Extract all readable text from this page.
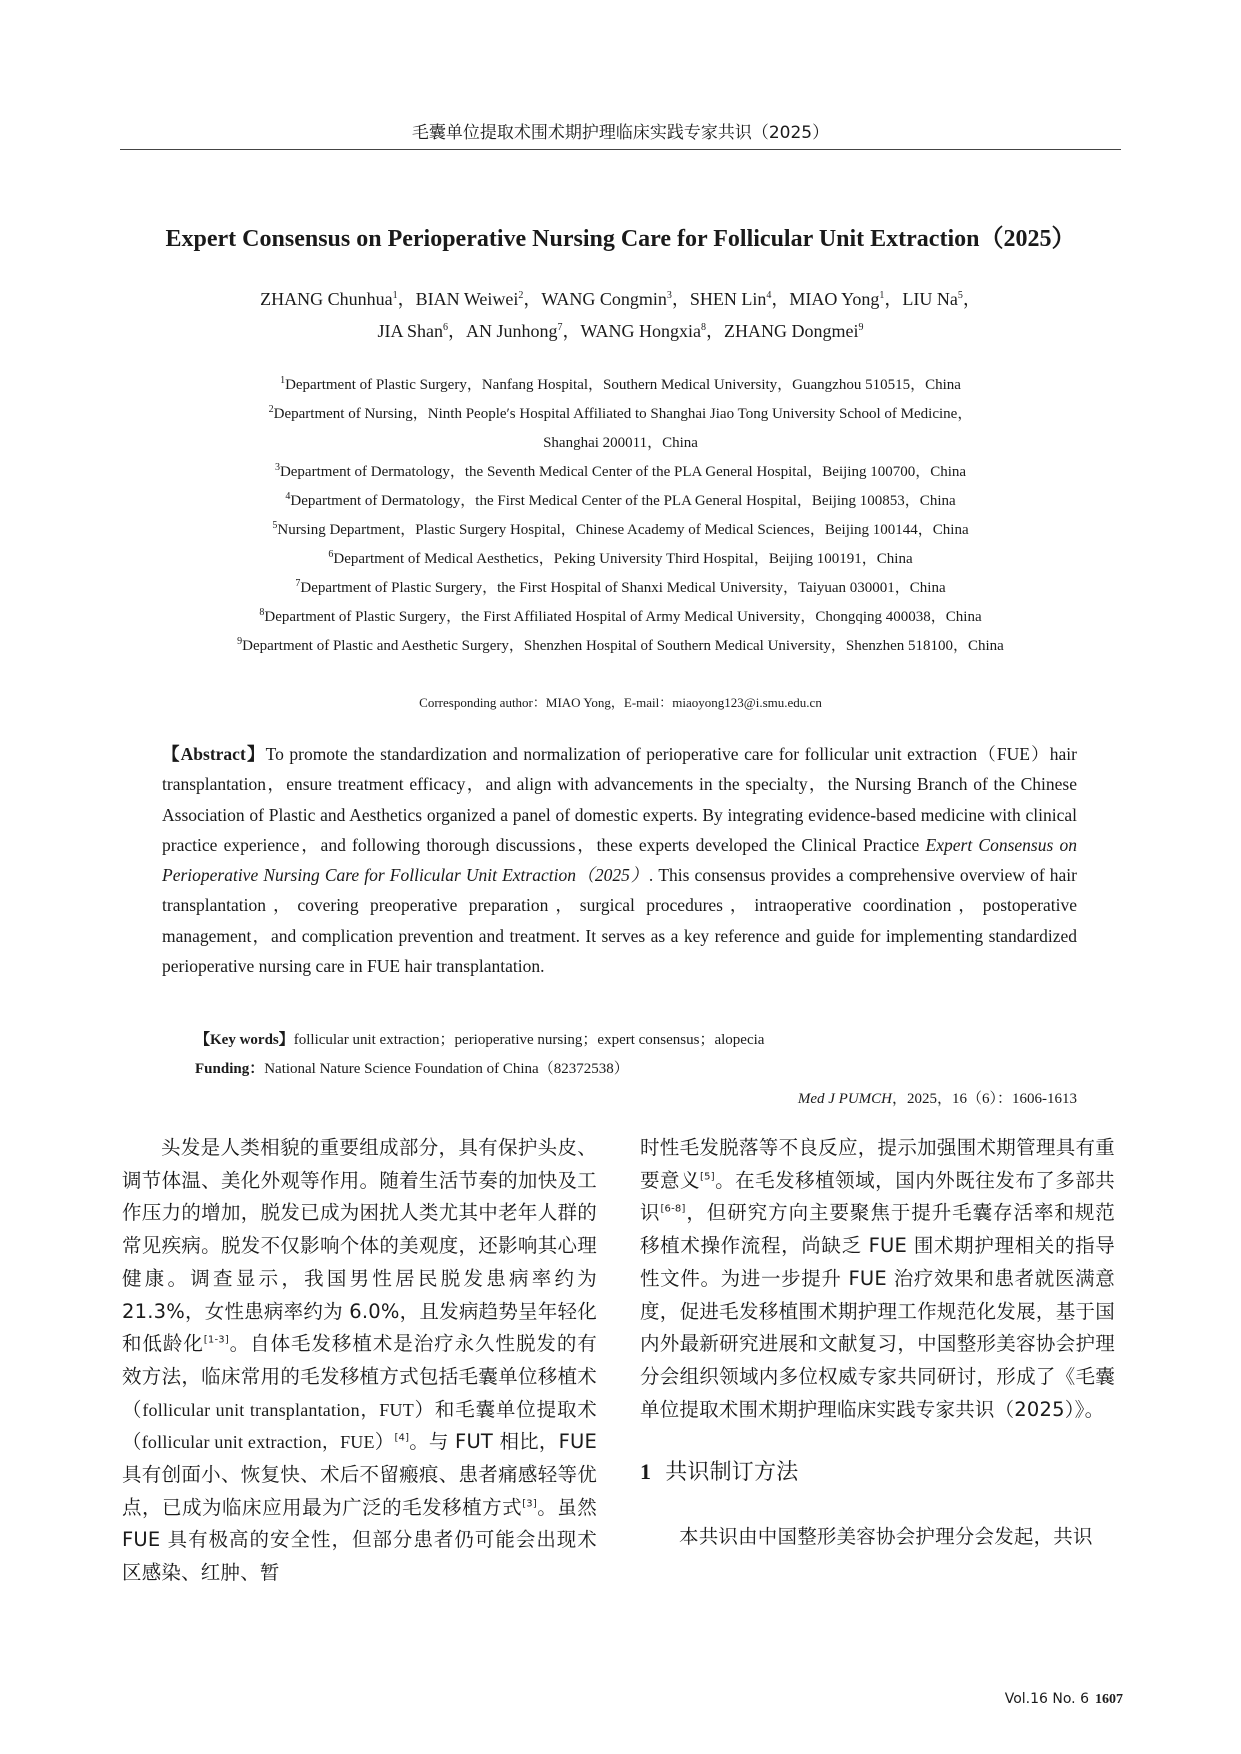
毛囊单位提取术围术期护理临床实践专家共识（2025）
Expert Consensus on Perioperative Nursing Care for Follicular Unit Extraction（2025）
ZHANG Chunhua$^1$，BIAN Weiwei$^2$，WANG Congmin$^3$，SHEN Lin$^4$，MIAO Yong$^1$，LIU Na$^5$，
JIA Shan$^6$，AN Junhong$^7$，WANG Hongxia$^8$，ZHANG Dongmei$^9$
$^1$Department of Plastic Surgery，Nanfang Hospital，Southern Medical University，Guangzhou 510515，China
$^2$Department of Nursing，Ninth People′s Hospital Affiliated to Shanghai Jiao Tong University School of Medicine，
Shanghai 200011，China
$^3$Department of Dermatology，the Seventh Medical Center of the PLA General Hospital，Beijing 100700，China
$^4$Department of Dermatology，the First Medical Center of the PLA General Hospital，Beijing 100853，China
$^5$Nursing Department，Plastic Surgery Hospital，Chinese Academy of Medical Sciences，Beijing 100144，China
$^6$Department of Medical Aesthetics，Peking University Third Hospital，Beijing 100191，China
$^7$Department of Plastic Surgery，the First Hospital of Shanxi Medical University，Taiyuan 030001，China
$^8$Department of Plastic Surgery，the First Affiliated Hospital of Army Medical University，Chongqing 400038，China
$^9$Department of Plastic and Aesthetic Surgery，Shenzhen Hospital of Southern Medical University，Shenzhen 518100，China
Corresponding author：MIAO Yong，E-mail：miaoyong123@i.smu.edu.cn
【Abstract】To promote the standardization and normalization of perioperative care for follicular unit extraction（FUE）hair transplantation，ensure treatment efficacy，and align with advancements in the specialty，the Nursing Branch of the Chinese Association of Plastic and Aesthetics organized a panel of domestic experts. By integrating evidence-based medicine with clinical practice experience，and following thorough discussions，these experts developed the Clinical Practice Expert Consensus on Perioperative Nursing Care for Follicular Unit Extraction（2025）. This consensus provides a comprehensive overview of hair transplantation，covering preoperative preparation，surgical procedures，intraoperative coordination，postoperative management，and complication prevention and treatment. It serves as a key reference and guide for implementing standardized perioperative nursing care in FUE hair transplantation.
【Key words】follicular unit extraction；perioperative nursing；expert consensus；alopecia
Funding：National Nature Science Foundation of China（82372538）
Med J PUMCH，2025，16（6）：1606-1613

头发是人类相貌的重要组成部分，具有保护头皮、调节体温、美化外观等作用。随着生活节奏的加快及工作压力的增加，脱发已成为困扰人类尤其中老年人群的常见疾病。脱发不仅影响个体的美观度，还影响其心理健康。调查显示，我国男性居民脱发患病率约为 21.3%，女性患病率约为 6.0%，且发病趋势呈年轻化和低龄化[1-3]。自体毛发移植术是治疗永久性脱发的有效方法，临床常用的毛发移植方式包括毛囊单位移植术（follicular unit transplantation，FUT）和毛囊单位提取术（follicular unit extraction，FUE）[4]。与 FUT 相比，FUE 具有创面小、恢复快、术后不留瘢痕、患者痛感轻等优点，已成为临床应用最为广泛的毛发移植方式[3]。虽然 FUE 具有极高的安全性，但部分患者仍可能会出现术区感染、红肿、暂

时性毛发脱落等不良反应，提示加强围术期管理具有重要意义[5]。在毛发移植领域，国内外既往发布了多部共识[6-8]，但研究方向主要聚焦于提升毛囊存活率和规范移植术操作流程，尚缺乏 FUE 围术期护理相关的指导性文件。为进一步提升 FUE 治疗效果和患者就医满意度，促进毛发移植围术期护理工作规范化发展，基于国内外最新研究进展和文献复习，中国整形美容协会护理分会组织领域内多位权威专家共同研讨，形成了《毛囊单位提取术围术期护理临床实践专家共识（2025）》。

1 共识制订方法

本共识由中国整形美容协会护理分会发起，共识

Vol.16 No. 6 1607
